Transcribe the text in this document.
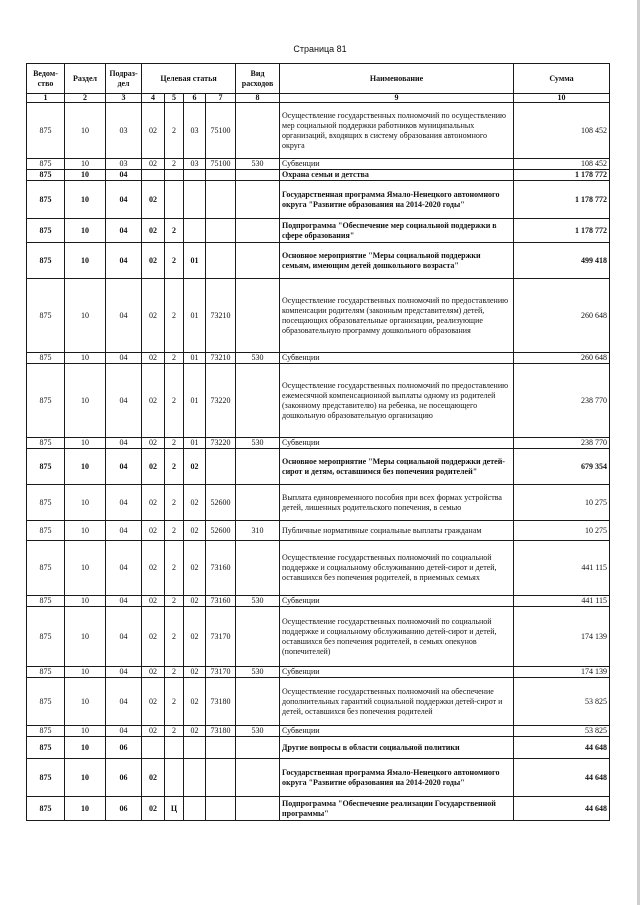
Страница 81
Ведом-ство	Раздел	Подраз-дел	Целевая статья				Вид расходов	Наименование	Сумма
1	2	3	4	5	6	7	8	9	10
875	10	03	02	2	03	75100		Осуществление государственных полномочий по осуществлению мер социальной поддержки работников муниципальных организаций, входящих в систему образования автономного округа	108 452
875	10	03	02	2	03	75100	530	Субвенции	108 452
875	10	04						Охрана семьи и детства	1 178 772
875	10	04	02					Государственная программа Ямало-Ненецкого автономного округа "Развитие образования на 2014-2020 годы"	1 178 772
875	10	04	02	2				Подпрограмма "Обеспечение мер социальной поддержки в сфере образования"	1 178 772
875	10	04	02	2	01			Основное мероприятие "Меры социальной поддержки семьям, имеющим детей дошкольного возраста"	499 418
875	10	04	02	2	01	73210		Осуществление государственных полномочий по предоставлению компенсации родителям (законным представителям) детей, посещающих образовательные организации, реализующие образовательную программу дошкольного образования	260 648
875	10	04	02	2	01	73210	530	Субвенции	260 648
875	10	04	02	2	01	73220		Осуществление государственных полномочий по предоставлению ежемесячной компенсационной выплаты одному из родителей (законному представителю) на ребенка, не посещающего дошкольную образовательную организацию	238 770
875	10	04	02	2	01	73220	530	Субвенции	238 770
875	10	04	02	2	02			Основное мероприятие "Меры социальной поддержки детей-сирот и детям, оставшимся без попечения родителей"	679 354
875	10	04	02	2	02	52600		Выплата единовременного пособия при всех формах устройства детей, лишенных родительского попечения, в семью	10 275
875	10	04	02	2	02	52600	310	Публичные нормативные социальные выплаты гражданам	10 275
875	10	04	02	2	02	73160		Осуществление государственных полномочий по социальной поддержке и социальному обслуживанию детей-сирот и детей, оставшихся без попечения родителей, в приемных семьях	441 115
875	10	04	02	2	02	73160	530	Субвенции	441 115
875	10	04	02	2	02	73170		Осуществление государственных полномочий по социальной поддержке и социальному обслуживанию детей-сирот и детей, оставшихся без попечения родителей, в семьях опекунов (попечителей)	174 139
875	10	04	02	2	02	73170	530	Субвенции	174 139
875	10	04	02	2	02	73180		Осуществление государственных полномочий на обеспечение дополнительных гарантий социальной поддержки детей-сирот и детей, оставшихся без попечения родителей	53 825
875	10	04	02	2	02	73180	530	Субвенции	53 825
875	10	06						Другие вопросы в области социальной политики	44 648
875	10	06	02					Государственная программа Ямало-Ненецкого автономного округа "Развитие образования на 2014-2020 годы"	44 648
875	10	06	02	Ц				Подпрограмма "Обеспечение реализации Государственной программы"	44 648
